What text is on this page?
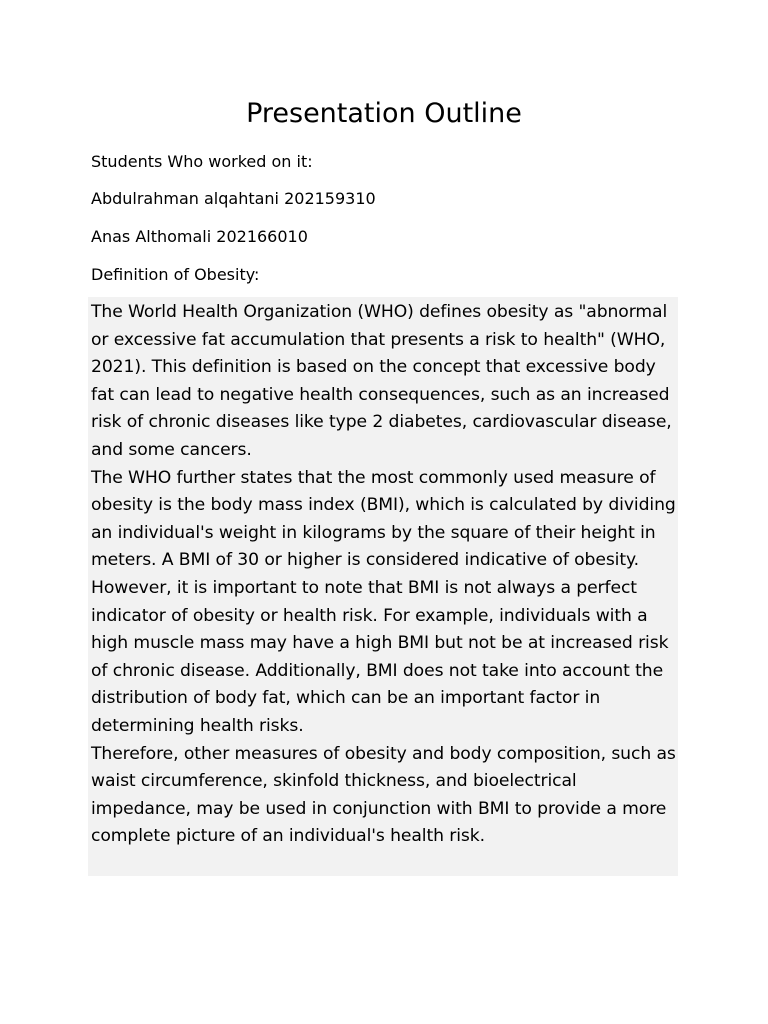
Presentation Outline

Students Who worked on it:

Abdulrahman alqahtani 202159310

Anas Althomali 202166010

Definition of Obesity:

The World Health Organization (WHO) defines obesity as "abnormal or excessive fat accumulation that presents a risk to health" (WHO, 2021). This definition is based on the concept that excessive body fat can lead to negative health consequences, such as an increased risk of chronic diseases like type 2 diabetes, cardiovascular disease, and some cancers.

The WHO further states that the most commonly used measure of obesity is the body mass index (BMI), which is calculated by dividing an individual's weight in kilograms by the square of their height in meters. A BMI of 30 or higher is considered indicative of obesity.

However, it is important to note that BMI is not always a perfect indicator of obesity or health risk. For example, individuals with a high muscle mass may have a high BMI but not be at increased risk of chronic disease. Additionally, BMI does not take into account the distribution of body fat, which can be an important factor in determining health risks.

Therefore, other measures of obesity and body composition, such as waist circumference, skinfold thickness, and bioelectrical impedance, may be used in conjunction with BMI to provide a more complete picture of an individual's health risk.
